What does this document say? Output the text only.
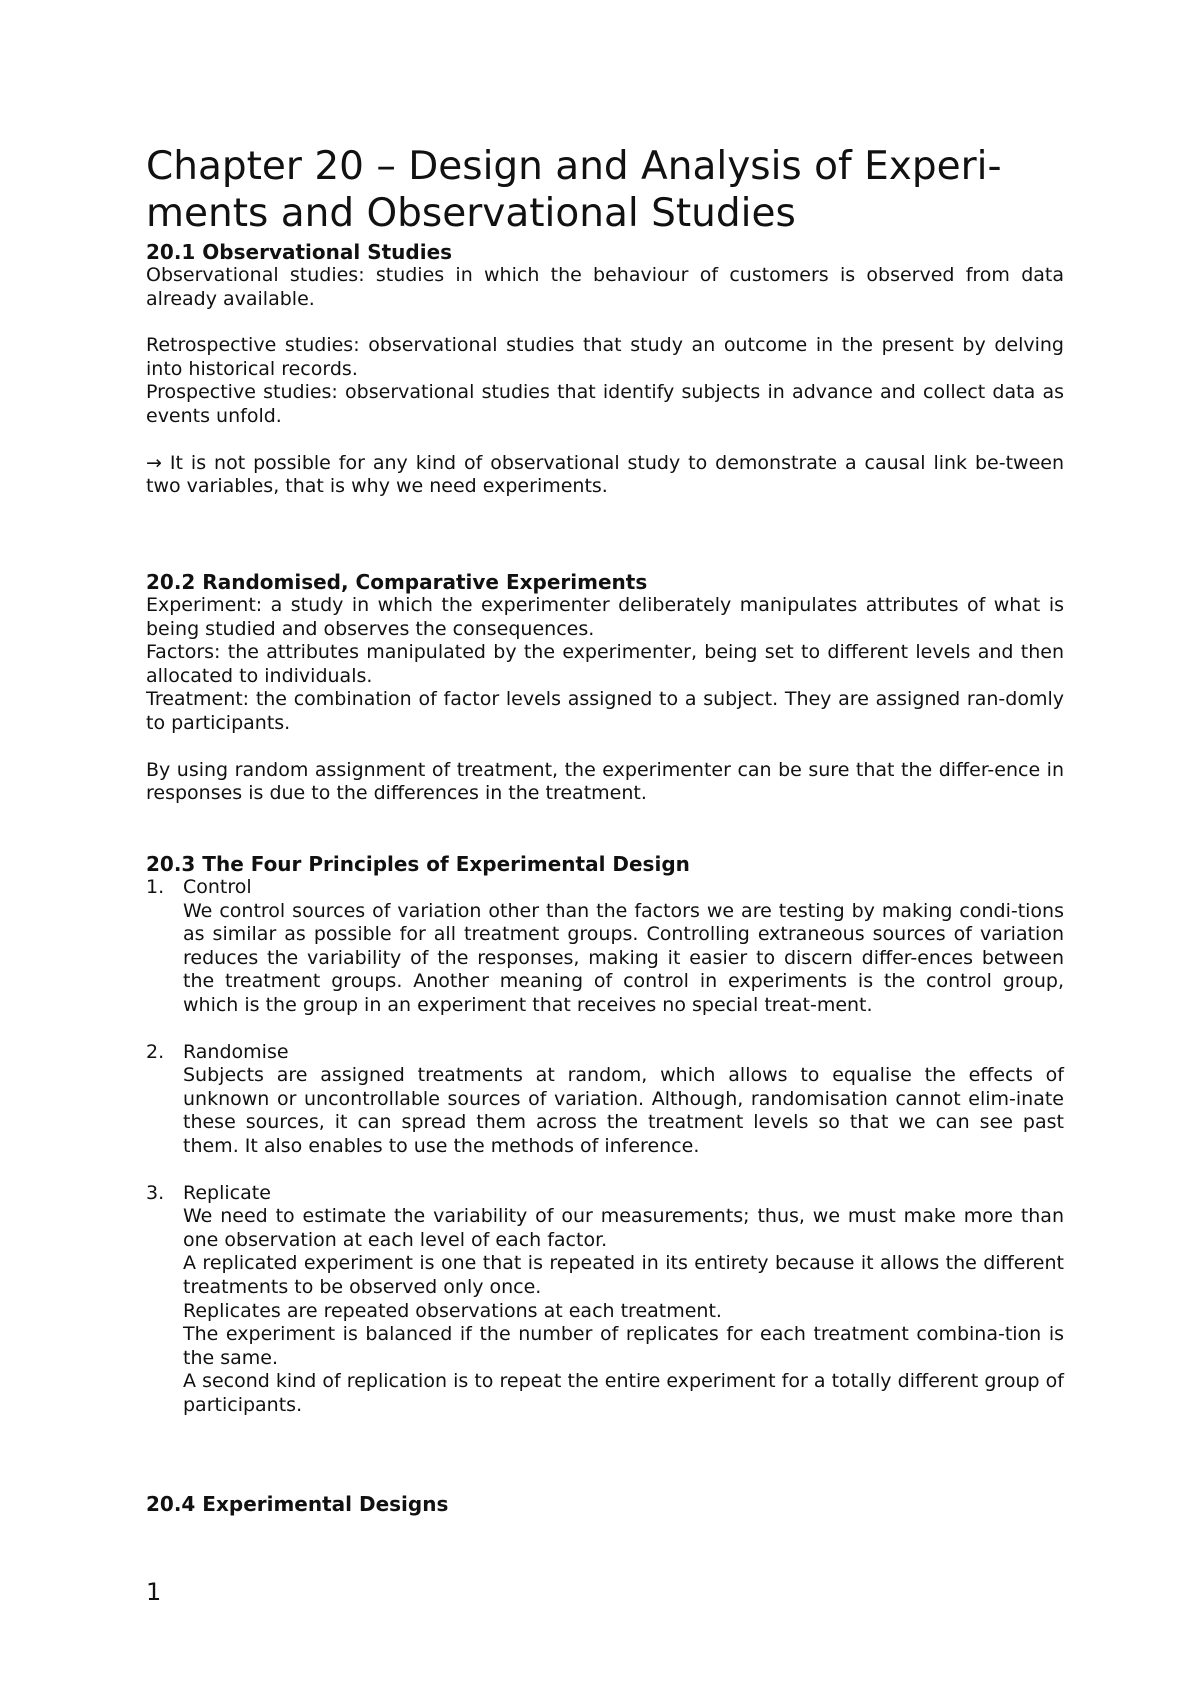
Chapter 20 – Design and Analysis of Experi-ments and Observational Studies
20.1 Observational Studies

Observational studies: studies in which the behaviour of customers is observed from data already available.

Retrospective studies: observational studies that study an outcome in the present by delving into historical records.

Prospective studies: observational studies that identify subjects in advance and collect data as events unfold.

→ It is not possible for any kind of observational study to demonstrate a causal link be-tween two variables, that is why we need experiments.

20.2 Randomised, Comparative Experiments

Experiment: a study in which the experimenter deliberately manipulates attributes of what is being studied and observes the consequences.

Factors: the attributes manipulated by the experimenter, being set to different levels and then allocated to individuals.

Treatment: the combination of factor levels assigned to a subject. They are assigned ran-domly to participants.

By using random assignment of treatment, the experimenter can be sure that the differ-ence in responses is due to the differences in the treatment.

20.3 The Four Principles of Experimental Design
1. Control

We control sources of variation other than the factors we are testing by making condi-tions as similar as possible for all treatment groups. Controlling extraneous sources of variation reduces the variability of the responses, making it easier to discern differ-ences between the treatment groups. Another meaning of control in experiments is the control group, which is the group in an experiment that receives no special treat-ment.

2. Randomise

Subjects are assigned treatments at random, which allows to equalise the effects of unknown or uncontrollable sources of variation. Although, randomisation cannot elim-inate these sources, it can spread them across the treatment levels so that we can see past them. It also enables to use the methods of inference.

3. Replicate

We need to estimate the variability of our measurements; thus, we must make more than one observation at each level of each factor.

A replicated experiment is one that is repeated in its entirety because it allows the different treatments to be observed only once.

Replicates are repeated observations at each treatment.

The experiment is balanced if the number of replicates for each treatment combina-tion is the same.

A second kind of replication is to repeat the entire experiment for a totally different group of participants.

20.4 Experimental Designs
1
